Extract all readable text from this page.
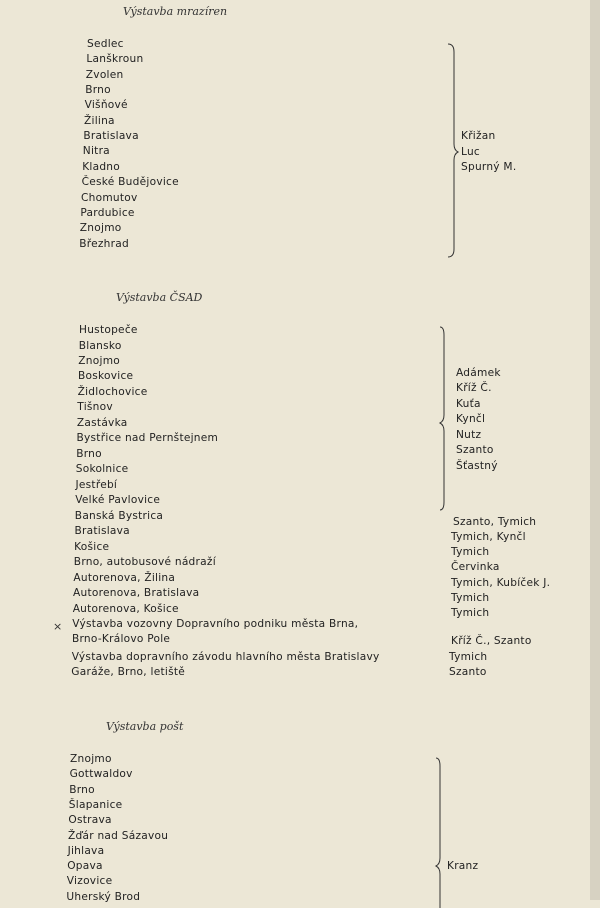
Výstavba mrazíren
Sedlec
Lanškroun
Zvolen
Brno
Višňové
Žilina
Bratislava
Nitra
Kladno
České Budějovice
Chomutov
Pardubice
Znojmo
Březhrad
Křižan
Luc
Spurný M.
Výstavba ČSAD
Hustopeče
Blansko
Znojmo
Boskovice
Židlochovice
Tišnov
Zastávka
Bystřice nad Pernštejnem
Brno
Sokolnice
Jestřebí
Velké Pavlovice
Banská Bystrica
Bratislava
Košice
Brno, autobusové nádraží
Autorenova, Žilina
Autorenova, Bratislava
Autorenova, Košice
Výstavba vozovny Dopravního podniku města Brna,
Brno-Královo Pole
Výstavba dopravního závodu hlavního města Bratislavy
Garáže, Brno, letiště
Adámek
Kříž Č.
Kuťa
Kynčl
Nutz
Szanto
Šťastný
Szanto, Tymich
Tymich, Kynčl
Tymich
Červinka
Tymich, Kubíček J.
Tymich
Tymich
Kříž Č., Szanto
Tymich
Szanto
×
Výstavba pošt
Znojmo
Gottwaldov
Brno
Šlapanice
Ostrava
Žďár nad Sázavou
Jihlava
Opava
Vizovice
Uherský Brod
Kranz
